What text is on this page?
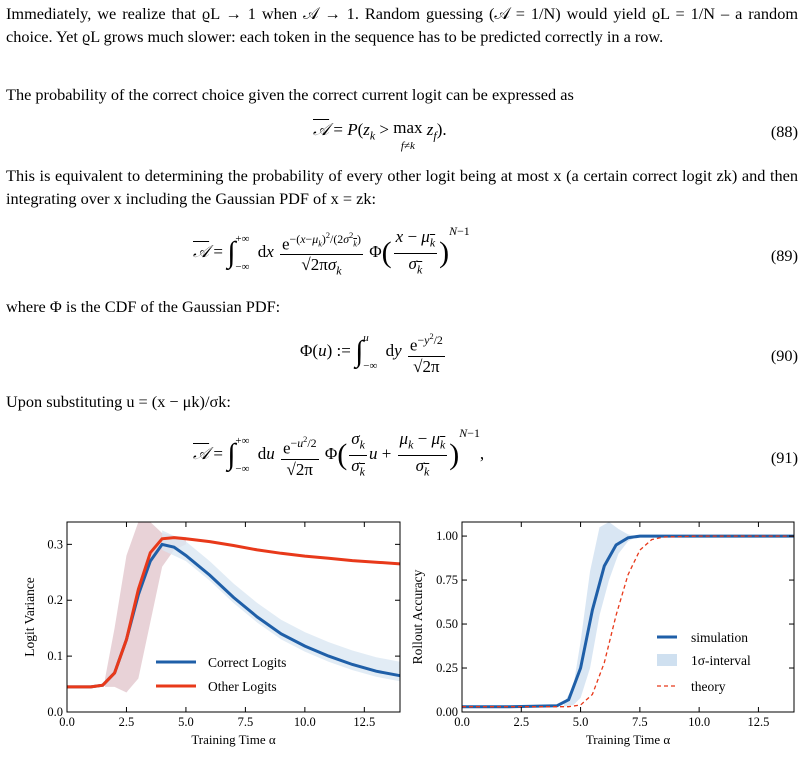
Immediately, we realize that ϱL → 1 when 𝒜 → 1. Random guessing (𝒜 = 1/N) would yield ϱL = 1/N – a random choice. Yet ϱL grows much slower: each token in the sequence has to be predicted correctly in a row.
The probability of the correct choice given the correct current logit can be expressed as
𝒜 = $P(z_k > \max$
f≠k $z_f$).	(88)
This is equivalent to determining the probability of every other logit being at most x (a certain correct logit zk) and then integrating over x including the Gaussian PDF of x = zk:
𝒜 = ∫ +∞
−∞
dx $\frac{e^{-(x-\mu_k)^2/(2\sigma^2_{\overline{k}})}}{√2\pi\sigma_k} \Phi( \frac{x - \mu_{\overline{k}}}{\sigma_{\overline{k}}} )^{N-1}$
(89)
where Φ is the CDF of the Gaussian PDF:
Φ(u) := ∫ u
−∞
dy $\frac{e^{-y^2/2}}{√2\pi}$	(90)
Upon substituting u = (x − μk)/σk:
𝒜 = ∫ +∞
−∞
du $\frac{e^{-u^2/2}}{√2\pi} \Phi( \frac{\sigma_k}{\sigma_{\overline{k}}}$ $u + \frac{\mu_k - \mu_{\overline{k}}}{\sigma_{\overline{k}}} )^{N-1}$,	(91)
0.0	2.5	5.0	7.5	10.0	12.5
0.0
0.1
0.2
0.3
Training Time α
Logit Variance
Correct Logits
Other Logits
0.0	2.5	5.0	7.5	10.0	12.5
0.00
0.25
0.50
0.75
1.00
Training Time α
Rollout Accuracy	simulation
1σ-interval
theory
